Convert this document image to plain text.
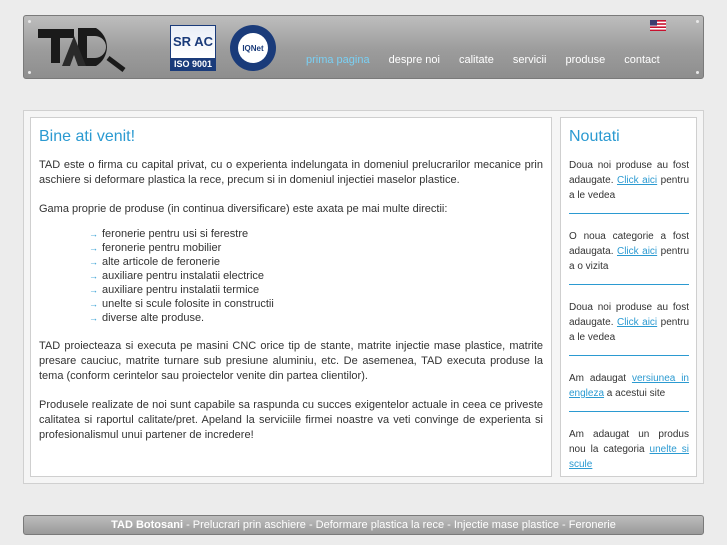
SR AC
ISO 9001
IQNet
prima pagina despre noi calitate servicii produse contact
Bine ati venit!

TAD este o firma cu capital privat, cu o experienta indelungata in domeniul prelucrarilor mecanice prin aschiere si deformare plastica la rece, precum si in domeniul injectiei maselor plastice.

Gama proprie de produse (in continua diversificare) este axata pe mai multe directii:

→ feronerie pentru usi si ferestre
→ feronerie pentru mobilier
→ alte articole de feronerie
→ auxiliare pentru instalatii electrice
→ auxiliare pentru instalatii termice
→ unelte si scule folosite in constructii
→ diverse alte produse.

TAD proiecteaza si executa pe masini CNC orice tip de stante, matrite injectie mase plastice, matrite presare cauciuc, matrite turnare sub presiune aluminiu, etc. De asemenea, TAD executa produse la tema (conform cerintelor sau proiectelor venite din partea clientilor).

Produsele realizate de noi sunt capabile sa raspunda cu succes exigentelor actuale in ceea ce priveste calitatea si raportul calitate/pret. Apeland la serviciile firmei noastre va veti convinge de experienta si profesionalismul unui partener de incredere!

Noutati
Doua noi produse au fost adaugate. Click aici pentru a le vedea
O noua categorie a fost adaugata. Click aici pentru a o vizita
Doua noi produse au fost adaugate. Click aici pentru a le vedea
Am adaugat versiunea in engleza a acestui site
Am adaugat un produs nou la categoria unelte si scule
TAD Botosani - Prelucrari prin aschiere - Deformare plastica la rece - Injectie mase plastice - Feronerie
